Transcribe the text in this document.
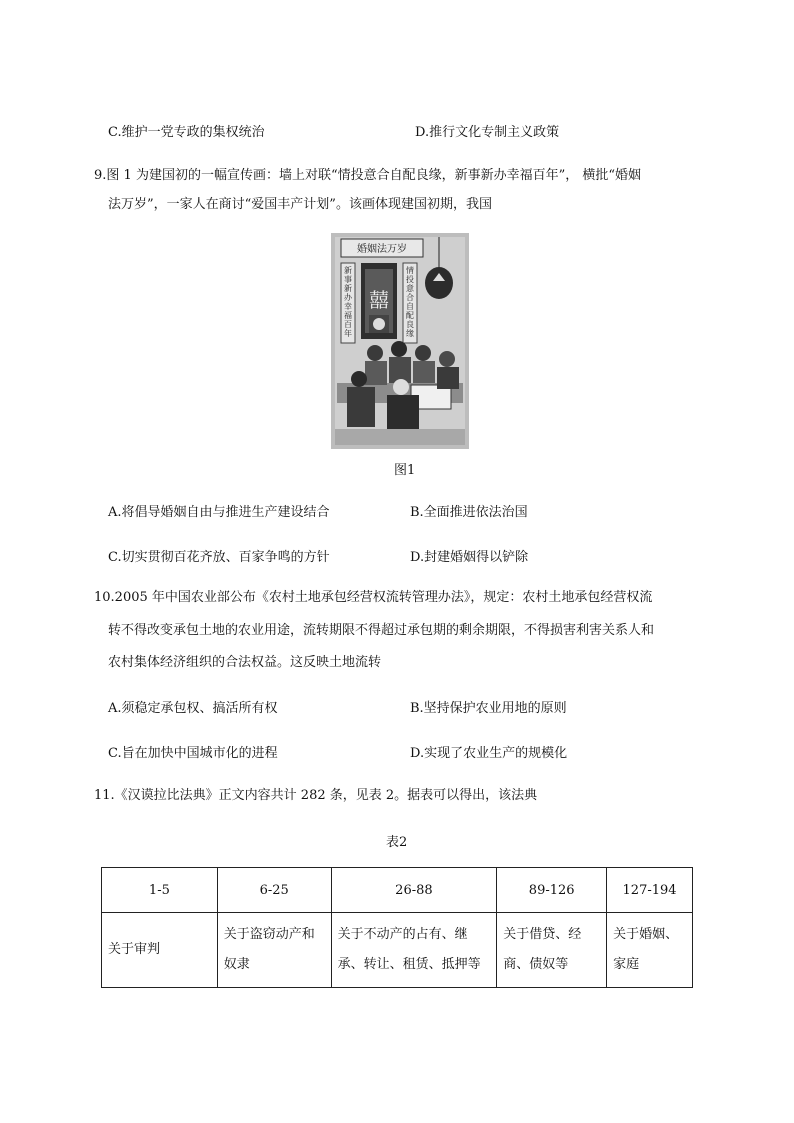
C.维护一党专政的集权统治	D.推行文化专制主义政策
9.图 1 为建国初的一幅宣传画：墙上对联“情投意合自配良缘，新事新办幸福百年”， 横批“婚姻
法万岁”，一家人在商讨“爱国丰产计划”。该画体现建国初期，我国
婚姻法万岁
囍
新
事
新
办
幸
福
百
年
情
投
意
合
自
配
良
缘
图1
A.将倡导婚姻自由与推进生产建设结合	B.全面推进依法治国
C.切实贯彻百花齐放、百家争鸣的方针	D.封建婚姻得以铲除
10.2005 年中国农业部公布《农村土地承包经营权流转管理办法》，规定：农村土地承包经营权流
转不得改变承包土地的农业用途，流转期限不得超过承包期的剩余期限，不得损害利害关系人和
农村集体经济组织的合法权益。这反映土地流转
A.须稳定承包权、搞活所有权	B.坚持保护农业用地的原则
C.旨在加快中国城市化的进程	D.实现了农业生产的规模化
11.《汉谟拉比法典》正文内容共计 282 条，见表 2。据表可以得出，该法典
表2
1-5	6-25	26-88	89-126	127-194
关于审判	关于盗窃动产和奴隶	关于不动产的占有、继承、转让、租赁、抵押等	关于借贷、经商、债奴等	关于婚姻、家庭
